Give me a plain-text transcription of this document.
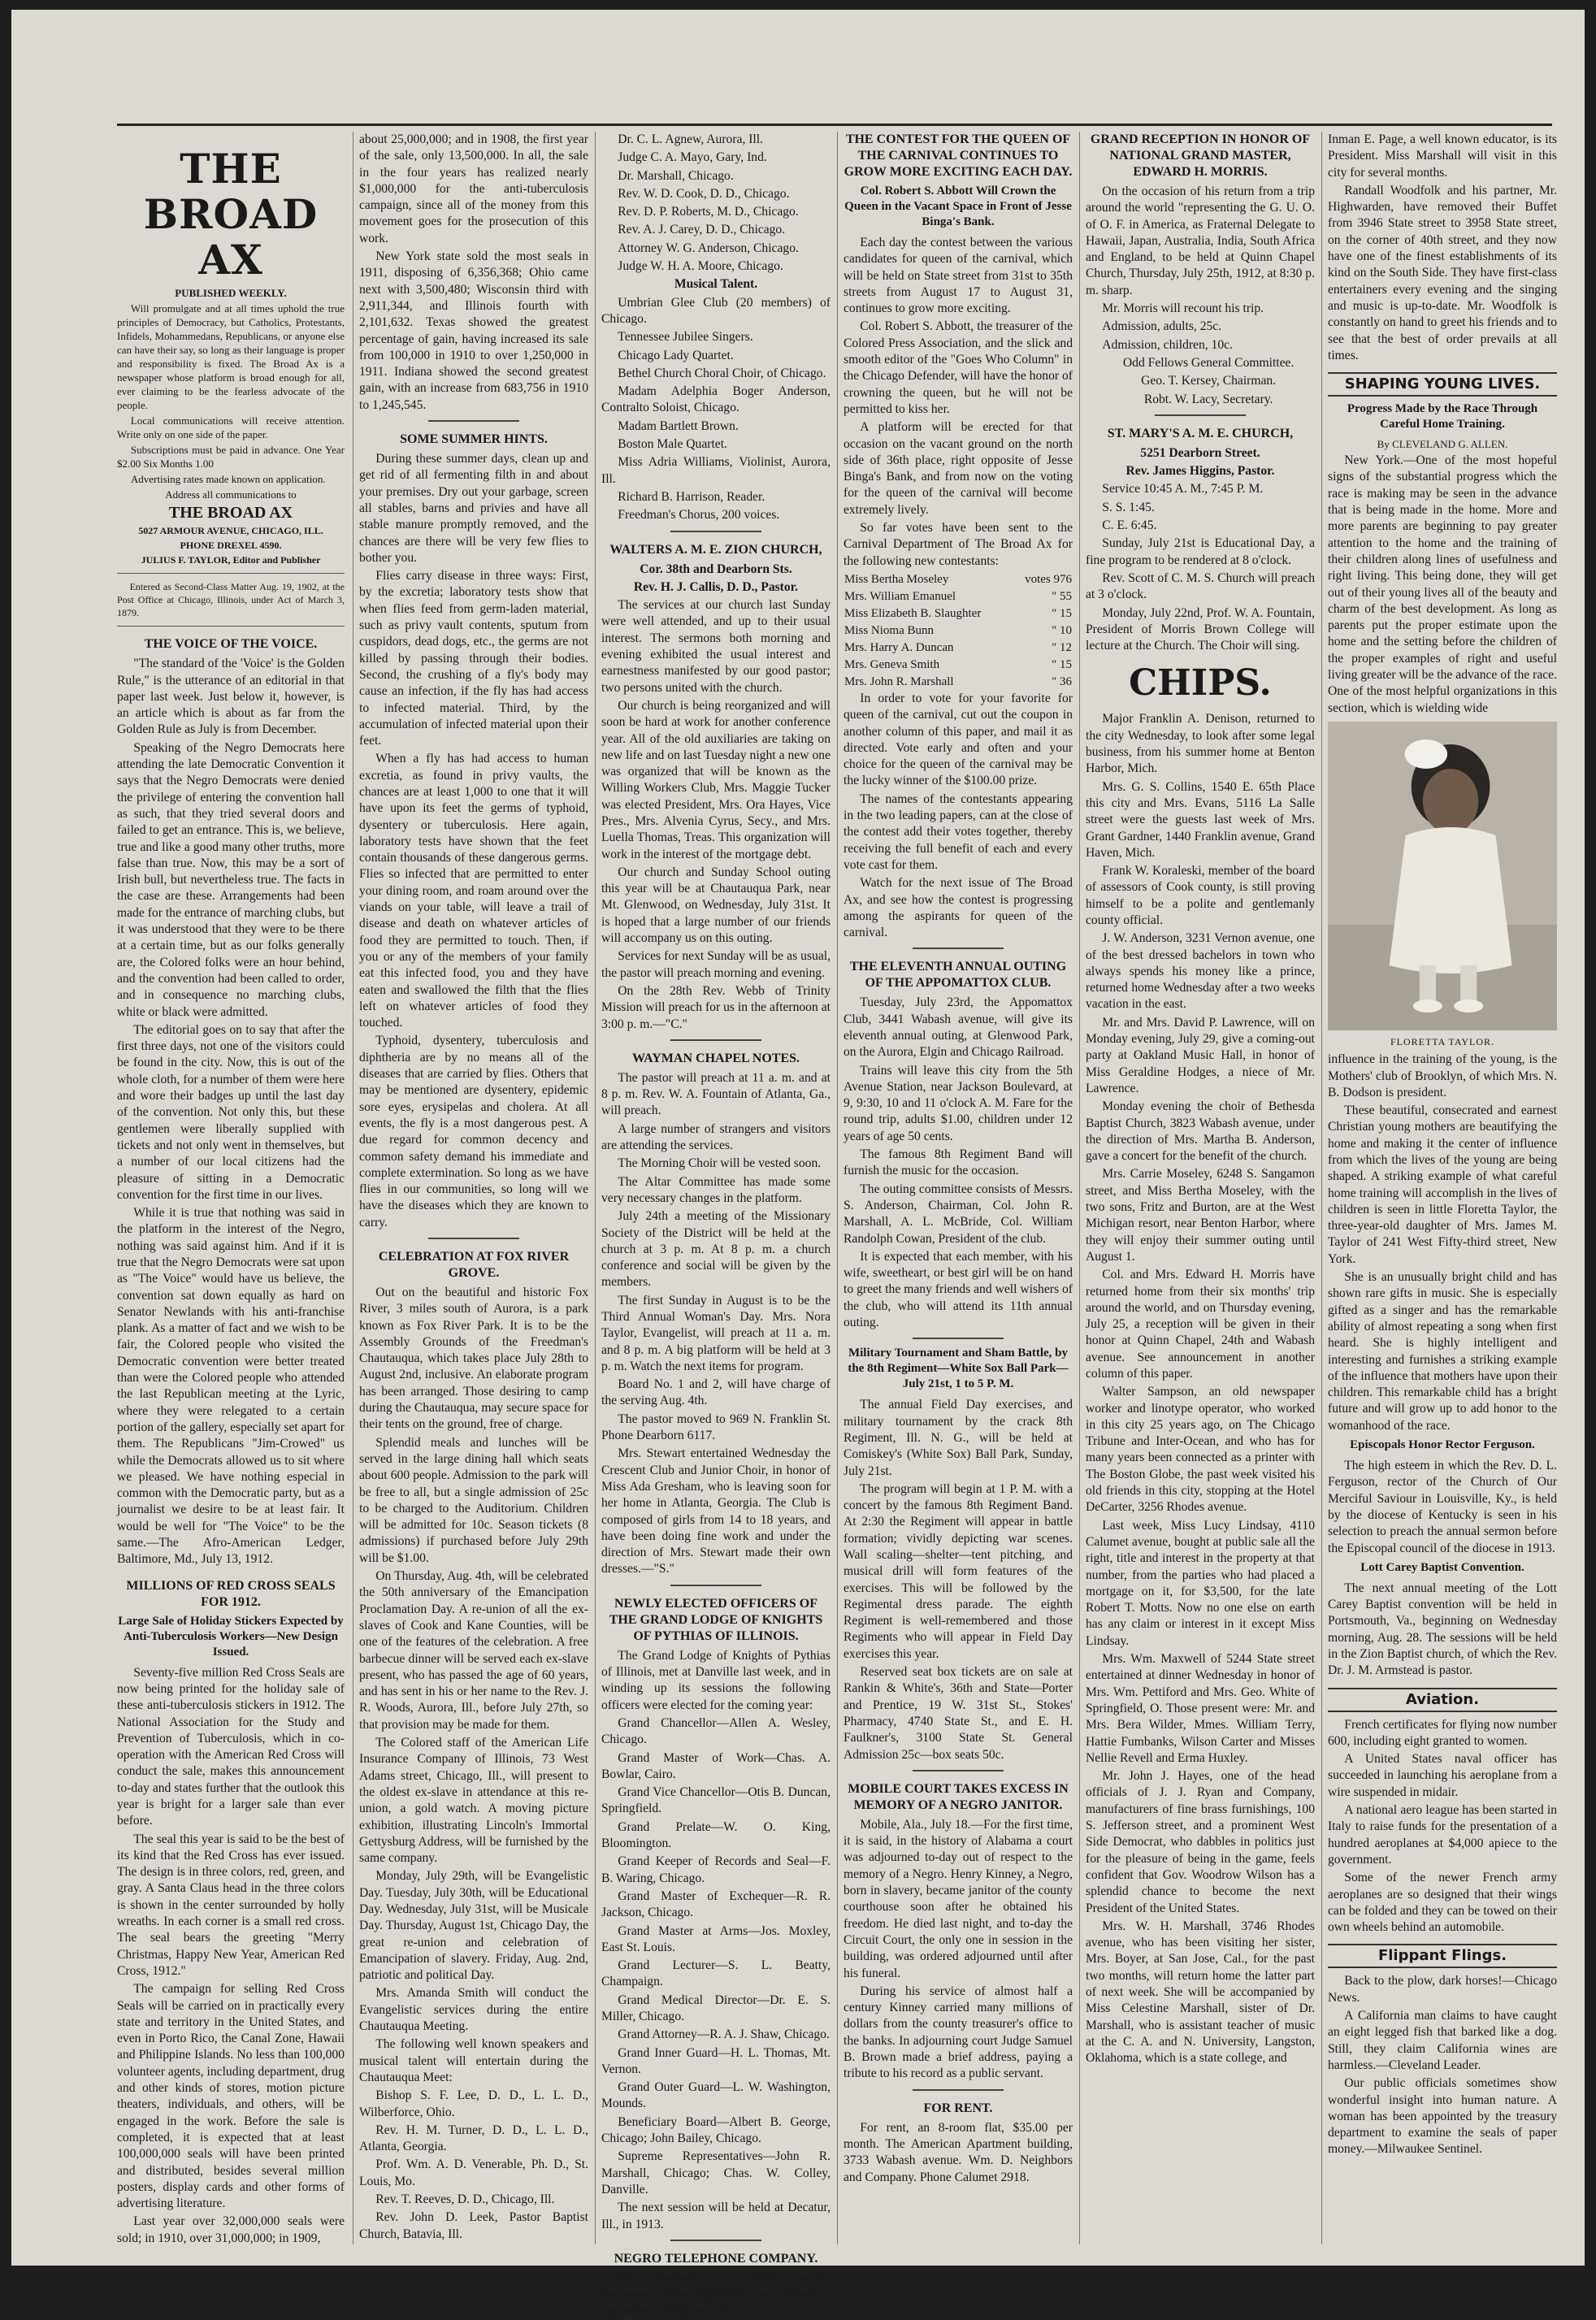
THE BROAD AX

PUBLISHED WEEKLY.

Will promulgate and at all times uphold the true principles of Democracy, but Catholics, Protestants, Infidels, Mohammedans, Republicans, or anyone else can have their say, so long as their language is proper and responsibility is fixed. The Broad Ax is a newspaper whose platform is broad enough for all, ever claiming to be the fearless advocate of the people.

Local communications will receive attention. Write only on one side of the paper.

Subscriptions must be paid in advance. One Year $2.00 Six Months 1.00

Advertising rates made known on application.

Address all communications to

THE BROAD AX

5027 ARMOUR AVENUE, CHICAGO, ILL.

PHONE DREXEL 4590.

JULIUS F. TAYLOR, Editor and Publisher

Entered as Second-Class Matter Aug. 19, 1902, at the Post Office at Chicago, Illinois, under Act of March 3, 1879.

THE VOICE OF THE VOICE.

"The standard of the 'Voice' is the Golden Rule," is the utterance of an editorial in that paper last week. Just below it, however, is an article which is about as far from the Golden Rule as July is from December.

Speaking of the Negro Democrats here attending the late Democratic Convention it says that the Negro Democrats were denied the privilege of entering the convention hall as such, that they tried several doors and failed to get an entrance. This is, we believe, true and like a good many other truths, more false than true. Now, this may be a sort of Irish bull, but nevertheless true. The facts in the case are these. Arrangements had been made for the entrance of marching clubs, but it was understood that they were to be there at a certain time, but as our folks generally are, the Colored folks were an hour behind, and the convention had been called to order, and in consequence no marching clubs, white or black were admitted.

The editorial goes on to say that after the first three days, not one of the visitors could be found in the city. Now, this is out of the whole cloth, for a number of them were here and wore their badges up until the last day of the convention. Not only this, but these gentlemen were liberally supplied with tickets and not only went in themselves, but a number of our local citizens had the pleasure of sitting in a Democratic convention for the first time in our lives.

While it is true that nothing was said in the platform in the interest of the Negro, nothing was said against him. And if it is true that the Negro Democrats were sat upon as "The Voice" would have us believe, the convention sat down equally as hard on Senator Newlands with his anti-franchise plank. As a matter of fact and we wish to be fair, the Colored people who visited the Democratic convention were better treated than were the Colored people who attended the last Republican meeting at the Lyric, where they were relegated to a certain portion of the gallery, especially set apart for them. The Republicans "Jim-Crowed" us while the Democrats allowed us to sit where we pleased. We have nothing especial in common with the Democratic party, but as a journalist we desire to be at least fair. It would be well for "The Voice" to be the same.—The Afro-American Ledger, Baltimore, Md., July 13, 1912.

MILLIONS OF RED CROSS SEALS FOR 1912.
Large Sale of Holiday Stickers Expected by Anti-Tuberculosis Workers—New Design Issued.

Seventy-five million Red Cross Seals are now being printed for the holiday sale of these anti-tuberculosis stickers in 1912. The National Association for the Study and Prevention of Tuberculosis, which in co-operation with the American Red Cross will conduct the sale, makes this announcement to-day and states further that the outlook this year is bright for a larger sale than ever before.

The seal this year is said to be the best of its kind that the Red Cross has ever issued. The design is in three colors, red, green, and gray. A Santa Claus head in the three colors is shown in the center surrounded by holly wreaths. In each corner is a small red cross. The seal bears the greeting "Merry Christmas, Happy New Year, American Red Cross, 1912."

The campaign for selling Red Cross Seals will be carried on in practically every state and territory in the United States, and even in Porto Rico, the Canal Zone, Hawaii and Philippine Islands. No less than 100,000 volunteer agents, including department, drug and other kinds of stores, motion picture theaters, individuals, and others, will be engaged in the work. Before the sale is completed, it is expected that at least 100,000,000 seals will have been printed and distributed, besides several million posters, display cards and other forms of advertising literature.

Last year over 32,000,000 seals were sold; in 1910, over 31,000,000; in 1909,

about 25,000,000; and in 1908, the first year of the sale, only 13,500,000. In all, the sale in the four years has realized nearly $1,000,000 for the anti-tuberculosis campaign, since all of the money from this movement goes for the prosecution of this work.

New York state sold the most seals in 1911, disposing of 6,356,368; Ohio came next with 3,500,480; Wisconsin third with 2,911,344, and Illinois fourth with 2,101,632. Texas showed the greatest percentage of gain, having increased its sale from 100,000 in 1910 to over 1,250,000 in 1911. Indiana showed the second greatest gain, with an increase from 683,756 in 1910 to 1,245,545.

SOME SUMMER HINTS.

During these summer days, clean up and get rid of all fermenting filth in and about your premises. Dry out your garbage, screen all stables, barns and privies and have all stable manure promptly removed, and the chances are there will be very few flies to bother you.

Flies carry disease in three ways: First, by the excretia; laboratory tests show that when flies feed from germ-laden material, such as privy vault contents, sputum from cuspidors, dead dogs, etc., the germs are not killed by passing through their bodies. Second, the crushing of a fly's body may cause an infection, if the fly has had access to infected material. Third, by the accumulation of infected material upon their feet.

When a fly has had access to human excretia, as found in privy vaults, the chances are at least 1,000 to one that it will have upon its feet the germs of typhoid, dysentery or tuberculosis. Here again, laboratory tests have shown that the feet contain thousands of these dangerous germs. Flies so infected that are permitted to enter your dining room, and roam around over the viands on your table, will leave a trail of disease and death on whatever articles of food they are permitted to touch. Then, if you or any of the members of your family eat this infected food, you and they have eaten and swallowed the filth that the flies left on whatever articles of food they touched.

Typhoid, dysentery, tuberculosis and diphtheria are by no means all of the diseases that are carried by flies. Others that may be mentioned are dysentery, epidemic sore eyes, erysipelas and cholera. At all events, the fly is a most dangerous pest. A due regard for common decency and common safety demand his immediate and complete extermination. So long as we have flies in our communities, so long will we have the diseases which they are known to carry.

CELEBRATION AT FOX RIVER GROVE.

Out on the beautiful and historic Fox River, 3 miles south of Aurora, is a park known as Fox River Park. It is to be the Assembly Grounds of the Freedman's Chautauqua, which takes place July 28th to August 2nd, inclusive. An elaborate program has been arranged. Those desiring to camp during the Chautauqua, may secure space for their tents on the ground, free of charge.

Splendid meals and lunches will be served in the large dining hall which seats about 600 people. Admission to the park will be free to all, but a single admission of 25c to be charged to the Auditorium. Children will be admitted for 10c. Season tickets (8 admissions) if purchased before July 29th will be $1.00.

On Thursday, Aug. 4th, will be celebrated the 50th anniversary of the Emancipation Proclamation Day. A re-union of all the ex-slaves of Cook and Kane Counties, will be one of the features of the celebration. A free barbecue dinner will be served each ex-slave present, who has passed the age of 60 years, and has sent in his or her name to the Rev. J. R. Woods, Aurora, Ill., before July 27th, so that provision may be made for them.

The Colored staff of the American Life Insurance Company of Illinois, 73 West Adams street, Chicago, Ill., will present to the oldest ex-slave in attendance at this re-union, a gold watch. A moving picture exhibition, illustrating Lincoln's Immortal Gettysburg Address, will be furnished by the same company.

Monday, July 29th, will be Evangelistic Day. Tuesday, July 30th, will be Educational Day. Wednesday, July 31st, will be Musicale Day. Thursday, August 1st, Chicago Day, the great re-union and celebration of Emancipation of slavery. Friday, Aug. 2nd, patriotic and political Day.

Mrs. Amanda Smith will conduct the Evangelistic services during the entire Chautauqua Meeting.

The following well known speakers and musical talent will entertain during the Chautauqua Meet:

Bishop S. F. Lee, D. D., L. L. D., Wilberforce, Ohio.

Rev. H. M. Turner, D. D., L. L. D., Atlanta, Georgia.

Prof. Wm. A. D. Venerable, Ph. D., St. Louis, Mo.

Rev. T. Reeves, D. D., Chicago, Ill.

Rev. John D. Leek, Pastor Baptist Church, Batavia, Ill.

Dr. C. L. Agnew, Aurora, Ill.

Judge C. A. Mayo, Gary, Ind.

Dr. Marshall, Chicago.

Rev. W. D. Cook, D. D., Chicago.

Rev. D. P. Roberts, M. D., Chicago.

Rev. A. J. Carey, D. D., Chicago.

Attorney W. G. Anderson, Chicago.

Judge W. H. A. Moore, Chicago.

Musical Talent.

Umbrian Glee Club (20 members) of Chicago.

Tennessee Jubilee Singers.

Chicago Lady Quartet.

Bethel Church Choral Choir, of Chicago.

Madam Adelphia Boger Anderson, Contralto Soloist, Chicago.

Madam Bartlett Brown.

Boston Male Quartet.

Miss Adria Williams, Violinist, Aurora, Ill.

Richard B. Harrison, Reader.

Freedman's Chorus, 200 voices.

WALTERS A. M. E. ZION CHURCH,

Cor. 38th and Dearborn Sts.

Rev. H. J. Callis, D. D., Pastor.

The services at our church last Sunday were well attended, and up to their usual interest. The sermons both morning and evening exhibited the usual interest and earnestness manifested by our good pastor; two persons united with the church.

Our church is being reorganized and will soon be hard at work for another conference year. All of the old auxiliaries are taking on new life and on last Tuesday night a new one was organized that will be known as the Willing Workers Club, Mrs. Maggie Tucker was elected President, Mrs. Ora Hayes, Vice Pres., Mrs. Alvenia Cyrus, Secy., and Mrs. Luella Thomas, Treas. This organization will work in the interest of the mortgage debt.

Our church and Sunday School outing this year will be at Chautauqua Park, near Mt. Glenwood, on Wednesday, July 31st. It is hoped that a large number of our friends will accompany us on this outing.

Services for next Sunday will be as usual, the pastor will preach morning and evening.

On the 28th Rev. Webb of Trinity Mission will preach for us in the afternoon at 3:00 p. m.—"C."

WAYMAN CHAPEL NOTES.

The pastor will preach at 11 a. m. and at 8 p. m. Rev. W. A. Fountain of Atlanta, Ga., will preach.

A large number of strangers and visitors are attending the services.

The Morning Choir will be vested soon.

The Altar Committee has made some very necessary changes in the platform.

July 24th a meeting of the Missionary Society of the District will be held at the church at 3 p. m. At 8 p. m. a church conference and social will be given by the members.

The first Sunday in August is to be the Third Annual Woman's Day. Mrs. Nora Taylor, Evangelist, will preach at 11 a. m. and 8 p. m. A big platform will be held at 3 p. m. Watch the next items for program.

Board No. 1 and 2, will have charge of the serving Aug. 4th.

The pastor moved to 969 N. Franklin St. Phone Dearborn 6117.

Mrs. Stewart entertained Wednesday the Crescent Club and Junior Choir, in honor of Miss Ada Gresham, who is leaving soon for her home in Atlanta, Georgia. The Club is composed of girls from 14 to 18 years, and have been doing fine work and under the direction of Mrs. Stewart made their own dresses.—"S."

NEWLY ELECTED OFFICERS OF THE GRAND LODGE OF KNIGHTS OF PYTHIAS OF ILLINOIS.

The Grand Lodge of Knights of Pythias of Illinois, met at Danville last week, and in winding up its sessions the following officers were elected for the coming year:

Grand Chancellor—Allen A. Wesley, Chicago.

Grand Master of Work—Chas. A. Bowlar, Cairo.

Grand Vice Chancellor—Otis B. Duncan, Springfield.

Grand Prelate—W. O. King, Bloomington.

Grand Keeper of Records and Seal—F. B. Waring, Chicago.

Grand Master of Exchequer—R. R. Jackson, Chicago.

Grand Master at Arms—Jos. Moxley, East St. Louis.

Grand Lecturer—S. L. Beatty, Champaign.

Grand Medical Director—Dr. E. S. Miller, Chicago.

Grand Attorney—R. A. J. Shaw, Chicago.

Grand Inner Guard—H. L. Thomas, Mt. Vernon.

Grand Outer Guard—L. W. Washington, Mounds.

Beneficiary Board—Albert B. George, Chicago; John Bailey, Chicago.

Supreme Representatives—John R. Marshall, Chicago; Chas. W. Colley, Danville.

The next session will be held at Decatur, Ill., in 1913.

NEGRO TELEPHONE COMPANY.

The Negroes of Carroll county, Tennessee, have organized and placed in operation a telephone service.

THE CONTEST FOR THE QUEEN OF THE CARNIVAL CONTINUES TO GROW MORE EXCITING EACH DAY.
Col. Robert S. Abbott Will Crown the Queen in the Vacant Space in Front of Jesse Binga's Bank.

Each day the contest between the various candidates for queen of the carnival, which will be held on State street from 31st to 35th streets from August 17 to August 31, continues to grow more exciting.

Col. Robert S. Abbott, the treasurer of the Colored Press Association, and the slick and smooth editor of the "Goes Who Column" in the Chicago Defender, will have the honor of crowning the queen, but he will not be permitted to kiss her.

A platform will be erected for that occasion on the vacant ground on the north side of 36th place, right opposite of Jesse Binga's Bank, and from now on the voting for the queen of the carnival will become extremely lively.

So far votes have been sent to the Carnival Department of The Broad Ax for the following new contestants:

Miss Bertha Moseley	votes 976
Mrs. William Emanuel	" 55
Miss Elizabeth B. Slaughter	" 15
Miss Nioma Bunn	" 10
Mrs. Harry A. Duncan	" 12
Mrs. Geneva Smith	" 15
Mrs. John R. Marshall	" 36

In order to vote for your favorite for queen of the carnival, cut out the coupon in another column of this paper, and mail it as directed. Vote early and often and your choice for the queen of the carnival may be the lucky winner of the $100.00 prize.

The names of the contestants appearing in the two leading papers, can at the close of the contest add their votes together, thereby receiving the full benefit of each and every vote cast for them.

Watch for the next issue of The Broad Ax, and see how the contest is progressing among the aspirants for queen of the carnival.

THE ELEVENTH ANNUAL OUTING OF THE APPOMATTOX CLUB.

Tuesday, July 23rd, the Appomattox Club, 3441 Wabash avenue, will give its eleventh annual outing, at Glenwood Park, on the Aurora, Elgin and Chicago Railroad.

Trains will leave this city from the 5th Avenue Station, near Jackson Boulevard, at 9, 9:30, 10 and 11 o'clock A. M. Fare for the round trip, adults $1.00, children under 12 years of age 50 cents.

The famous 8th Regiment Band will furnish the music for the occasion.

The outing committee consists of Messrs. S. Anderson, Chairman, Col. John R. Marshall, A. L. McBride, Col. William Randolph Cowan, President of the club.

It is expected that each member, with his wife, sweetheart, or best girl will be on hand to greet the many friends and well wishers of the club, who will attend its 11th annual outing.

Military Tournament and Sham Battle, by the 8th Regiment—White Sox Ball Park—July 21st, 1 to 5 P. M.

The annual Field Day exercises, and military tournament by the crack 8th Regiment, Ill. N. G., will be held at Comiskey's (White Sox) Ball Park, Sunday, July 21st.

The program will begin at 1 P. M. with a concert by the famous 8th Regiment Band. At 2:30 the Regiment will appear in battle formation; vividly depicting war scenes. Wall scaling—shelter—tent pitching, and musical drill will form features of the exercises. This will be followed by the Regimental dress parade. The eighth Regiment is well-remembered and those Regiments who will appear in Field Day exercises this year.

Reserved seat box tickets are on sale at Rankin & White's, 36th and State—Porter and Prentice, 19 W. 31st St., Stokes' Pharmacy, 4740 State St., and E. H. Faulkner's, 3100 State St. General Admission 25c—box seats 50c.

MOBILE COURT TAKES EXCESS IN MEMORY OF A NEGRO JANITOR.

Mobile, Ala., July 18.—For the first time, it is said, in the history of Alabama a court was adjourned to-day out of respect to the memory of a Negro. Henry Kinney, a Negro, born in slavery, became janitor of the county courthouse soon after he obtained his freedom. He died last night, and to-day the Circuit Court, the only one in session in the building, was ordered adjourned until after his funeral.

During his service of almost half a century Kinney carried many millions of dollars from the county treasurer's office to the banks. In adjourning court Judge Samuel B. Brown made a brief address, paying a tribute to his record as a public servant.

FOR RENT.

For rent, an 8-room flat, $35.00 per month. The American Apartment building, 3733 Wabash avenue. Wm. D. Neighbors and Company. Phone Calumet 2918.

GRAND RECEPTION IN HONOR OF NATIONAL GRAND MASTER, EDWARD H. MORRIS.

On the occasion of his return from a trip around the world "representing the G. U. O. of O. F. in America, as Fraternal Delegate to Hawaii, Japan, Australia, India, South Africa and England, to be held at Quinn Chapel Church, Thursday, July 25th, 1912, at 8:30 p. m. sharp.

Mr. Morris will recount his trip.

Admission, adults, 25c.

Admission, children, 10c.

Odd Fellows General Committee.

Geo. T. Kersey, Chairman.

Robt. W. Lacy, Secretary.

ST. MARY'S A. M. E. CHURCH,

5251 Dearborn Street.

Rev. James Higgins, Pastor.

Service 10:45 A. M., 7:45 P. M.

S. S. 1:45.

C. E. 6:45.

Sunday, July 21st is Educational Day, a fine program to be rendered at 8 o'clock.

Rev. Scott of C. M. S. Church will preach at 3 o'clock.

Monday, July 22nd, Prof. W. A. Fountain, President of Morris Brown College will lecture at the Church. The Choir will sing.

CHIPS.

Major Franklin A. Denison, returned to the city Wednesday, to look after some legal business, from his summer home at Benton Harbor, Mich.

Mrs. G. S. Collins, 1540 E. 65th Place this city and Mrs. Evans, 5116 La Salle street were the guests last week of Mrs. Grant Gardner, 1440 Franklin avenue, Grand Haven, Mich.

Frank W. Koraleski, member of the board of assessors of Cook county, is still proving himself to be a polite and gentlemanly county official.

J. W. Anderson, 3231 Vernon avenue, one of the best dressed bachelors in town who always spends his money like a prince, returned home Wednesday after a two weeks vacation in the east.

Mr. and Mrs. David P. Lawrence, will on Monday evening, July 29, give a coming-out party at Oakland Music Hall, in honor of Miss Geraldine Hodges, a niece of Mr. Lawrence.

Monday evening the choir of Bethesda Baptist Church, 3823 Wabash avenue, under the direction of Mrs. Martha B. Anderson, gave a concert for the benefit of the church.

Mrs. Carrie Moseley, 6248 S. Sangamon street, and Miss Bertha Moseley, with the two sons, Fritz and Burton, are at the West Michigan resort, near Benton Harbor, where they will enjoy their summer outing until August 1.

Col. and Mrs. Edward H. Morris have returned home from their six months' trip around the world, and on Thursday evening, July 25, a reception will be given in their honor at Quinn Chapel, 24th and Wabash avenue. See announcement in another column of this paper.

Walter Sampson, an old newspaper worker and linotype operator, who worked in this city 25 years ago, on The Chicago Tribune and Inter-Ocean, and who has for many years been connected as a printer with The Boston Globe, the past week visited his old friends in this city, stopping at the Hotel DeCarter, 3256 Rhodes avenue.

Last week, Miss Lucy Lindsay, 4110 Calumet avenue, bought at public sale all the right, title and interest in the property at that number, from the parties who had placed a mortgage on it, for $3,500, for the late Robert T. Motts. Now no one else on earth has any claim or interest in it except Miss Lindsay.

Mrs. Wm. Maxwell of 5244 State street entertained at dinner Wednesday in honor of Mrs. Wm. Pettiford and Mrs. Geo. White of Springfield, O. Those present were: Mr. and Mrs. Bera Wilder, Mmes. William Terry, Hattie Fumbanks, Wilson Carter and Misses Nellie Revell and Erma Huxley.

Mr. John J. Hayes, one of the head officials of J. J. Ryan and Company, manufacturers of fine brass furnishings, 100 S. Jefferson street, and a prominent West Side Democrat, who dabbles in politics just for the pleasure of being in the game, feels confident that Gov. Woodrow Wilson has a splendid chance to become the next President of the United States.

Mrs. W. H. Marshall, 3746 Rhodes avenue, who has been visiting her sister, Mrs. Boyer, at San Jose, Cal., for the past two months, will return home the latter part of next week. She will be accompanied by Miss Celestine Marshall, sister of Dr. Marshall, who is assistant teacher of music at the C. A. and N. University, Langston, Oklahoma, which is a state college, and

Inman E. Page, a well known educator, is its President. Miss Marshall will visit in this city for several months.

Randall Woodfolk and his partner, Mr. Highwarden, have removed their Buffet from 3946 State street to 3958 State street, on the corner of 40th street, and they now have one of the finest establishments of its kind on the South Side. They have first-class entertainers every evening and the singing and music is up-to-date. Mr. Woodfolk is constantly on hand to greet his friends and to see that the best of order prevails at all times.

SHAPING YOUNG LIVES.
Progress Made by the Race Through Careful Home Training.

By CLEVELAND G. ALLEN.

New York.—One of the most hopeful signs of the substantial progress which the race is making may be seen in the advance that is being made in the home. More and more parents are beginning to pay greater attention to the home and the training of their children along lines of usefulness and right living. This being done, they will get out of their young lives all of the beauty and charm of the best development. As long as parents put the proper estimate upon the home and the setting before the children of the proper examples of right and useful living greater will be the advance of the race. One of the most helpful organizations in this section, which is wielding wide

FLORETTA TAYLOR.

influence in the training of the young, is the Mothers' club of Brooklyn, of which Mrs. N. B. Dodson is president.

These beautiful, consecrated and earnest Christian young mothers are beautifying the home and making it the center of influence from which the lives of the young are being shaped. A striking example of what careful home training will accomplish in the lives of children is seen in little Floretta Taylor, the three-year-old daughter of Mrs. James M. Taylor of 241 West Fifty-third street, New York.

She is an unusually bright child and has shown rare gifts in music. She is especially gifted as a singer and has the remarkable ability of almost repeating a song when first heard. She is highly intelligent and interesting and furnishes a striking example of the influence that mothers have upon their children. This remarkable child has a bright future and will grow up to add honor to the womanhood of the race.

Episcopals Honor Rector Ferguson.

The high esteem in which the Rev. D. L. Ferguson, rector of the Church of Our Merciful Saviour in Louisville, Ky., is held by the diocese of Kentucky is seen in his selection to preach the annual sermon before the Episcopal council of the diocese in 1913.

Lott Carey Baptist Convention.

The next annual meeting of the Lott Carey Baptist convention will be held in Portsmouth, Va., beginning on Wednesday morning, Aug. 28. The sessions will be held in the Zion Baptist church, of which the Rev. Dr. J. M. Armstead is pastor.

Aviation.

French certificates for flying now number 600, including eight granted to women.

A United States naval officer has succeeded in launching his aeroplane from a wire suspended in midair.

A national aero league has been started in Italy to raise funds for the presentation of a hundred aeroplanes at $4,000 apiece to the government.

Some of the newer French army aeroplanes are so designed that their wings can be folded and they can be towed on their own wheels behind an automobile.

Flippant Flings.

Back to the plow, dark horses!—Chicago News.

A California man claims to have caught an eight legged fish that barked like a dog. Still, they claim California wines are harmless.—Cleveland Leader.

Our public officials sometimes show wonderful insight into human nature. A woman has been appointed by the treasury department to examine the seals of paper money.—Milwaukee Sentinel.
